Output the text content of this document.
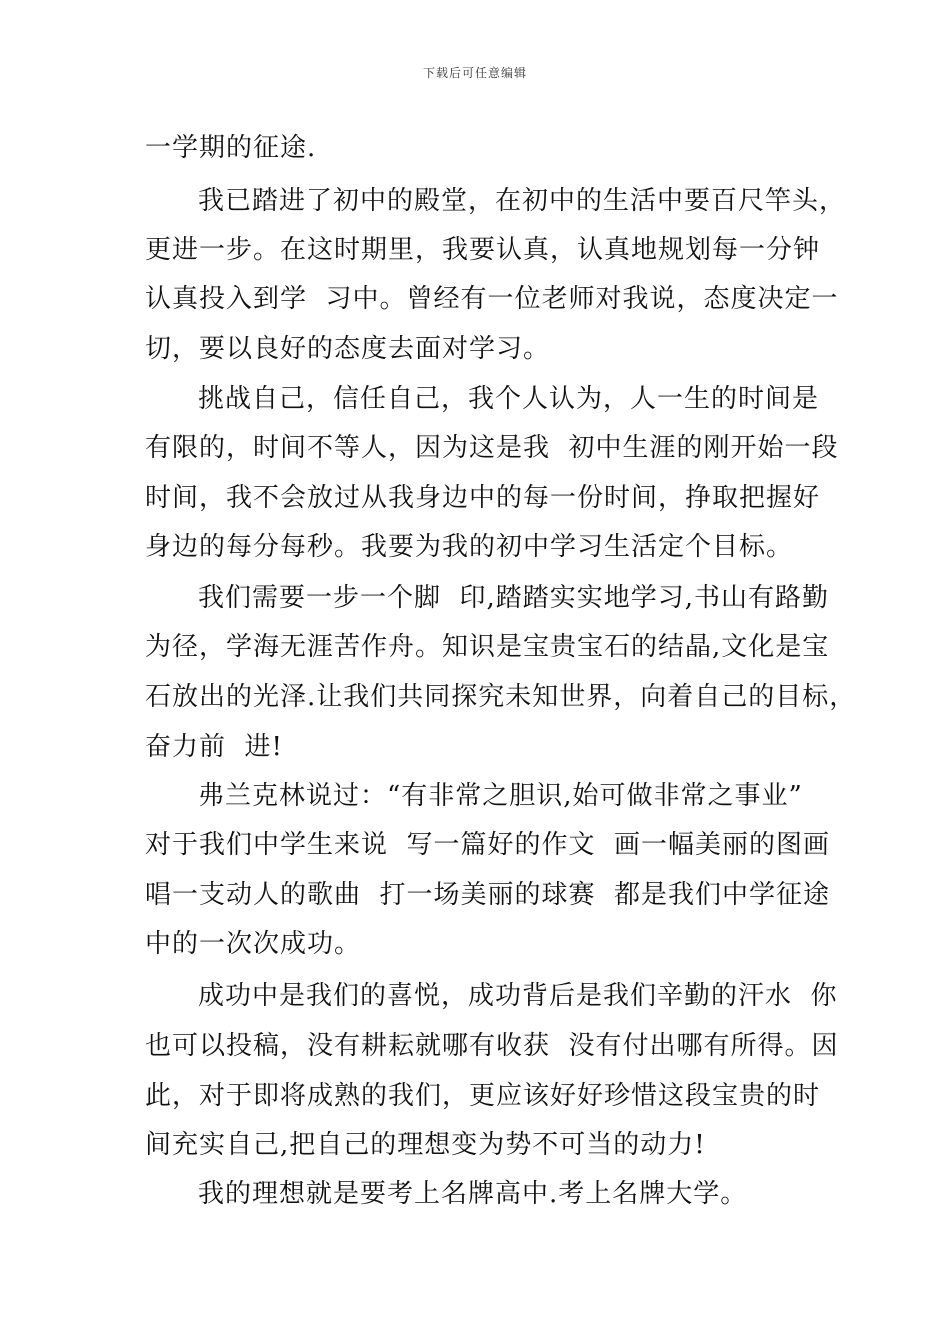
下载后可任意编辑
一学期的征途.
我已踏进了初中的殿堂，在初中的生活中要百尺竿头，
更进一步。在这时期里，我要认真，认真地规划每一分钟
认真投入到学  习中。曾经有一位老师对我说，态度决定一
切，要以良好的态度去面对学习。
挑战自己，信任自己，我个人认为，人一生的时间是
有限的，时间不等人，因为这是我  初中生涯的刚开始一段
时间，我不会放过从我身边中的每一份时间，挣取把握好
身边的每分每秒。我要为我的初中学习生活定个目标。
我们需要一步一个脚  印,踏踏实实地学习,书山有路勤
为径，学海无涯苦作舟。知识是宝贵宝石的结晶,文化是宝
石放出的光泽.让我们共同探究未知世界，向着自己的目标，
奋力前  进!
弗兰克林说过：“有非常之胆识,始可做非常之事业”
对于我们中学生来说  写一篇好的作文  画一幅美丽的图画
唱一支动人的歌曲  打一场美丽的球赛  都是我们中学征途
中的一次次成功。
成功中是我们的喜悦，成功背后是我们辛勤的汗水  你
也可以投稿，没有耕耘就哪有收获  没有付出哪有所得。因
此，对于即将成熟的我们，更应该好好珍惜这段宝贵的时
间充实自己,把自己的理想变为势不可当的动力!
我的理想就是要考上名牌高中.考上名牌大学。
